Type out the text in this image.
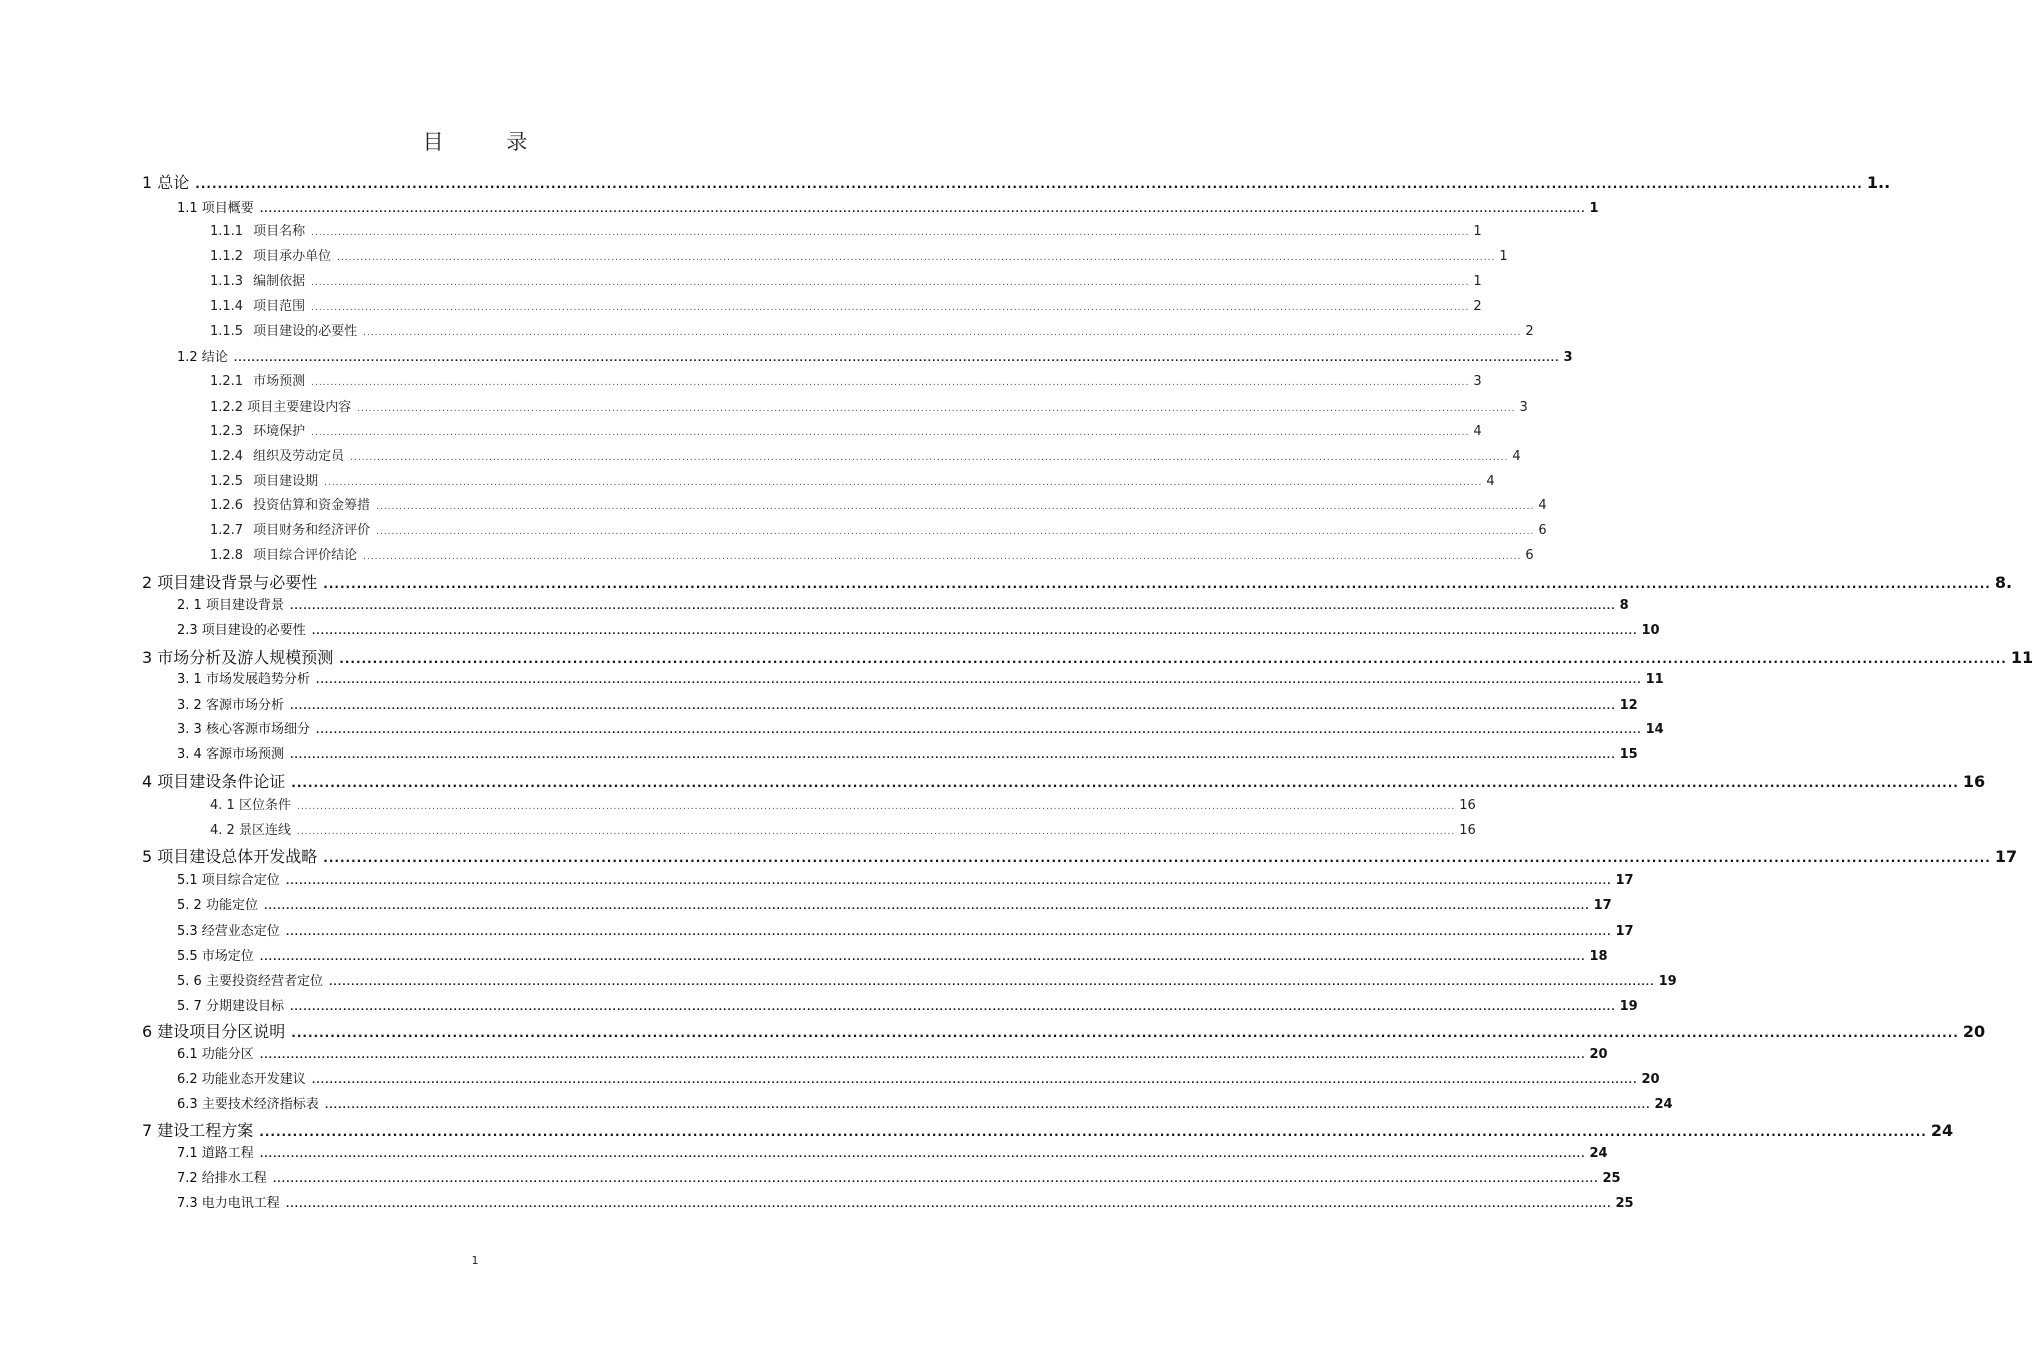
目 录
1 总论 ............................................................................................................................................................................................................................................................................................................ 1..
1.1 项目概要 ............................................................................................................................................................................................................................................................................................................ 1
1.1.1 项目名称 ............................................................................................................................................................................................................................................................................................................ 1
1.1.2 项目承办单位 ............................................................................................................................................................................................................................................................................................................ 1
1.1.3 编制依据 ............................................................................................................................................................................................................................................................................................................ 1
1.1.4 项目范围 ............................................................................................................................................................................................................................................................................................................ 2
1.1.5 项目建设的必要性 ............................................................................................................................................................................................................................................................................................................ 2
1.2 结论 ............................................................................................................................................................................................................................................................................................................ 3
1.2.1 市场预测 ............................................................................................................................................................................................................................................................................................................ 3
1.2.2 项目主要建设内容 ............................................................................................................................................................................................................................................................................................................ 3
1.2.3 环境保护 ............................................................................................................................................................................................................................................................................................................ 4
1.2.4 组织及劳动定员 ............................................................................................................................................................................................................................................................................................................ 4
1.2.5 项目建设期 ............................................................................................................................................................................................................................................................................................................ 4
1.2.6 投资估算和资金筹措 ............................................................................................................................................................................................................................................................................................................ 4
1.2.7 项目财务和经济评价 ............................................................................................................................................................................................................................................................................................................ 6
1.2.8 项目综合评价结论 ............................................................................................................................................................................................................................................................................................................ 6
2 项目建设背景与必要性 ............................................................................................................................................................................................................................................................................................................ 8.
2. 1 项目建设背景 ............................................................................................................................................................................................................................................................................................................ 8
2.3 项目建设的必要性 ............................................................................................................................................................................................................................................................................................................ 10
3 市场分析及游人规模预测 ............................................................................................................................................................................................................................................................................................................ 11
3. 1 市场发展趋势分析 ............................................................................................................................................................................................................................................................................................................ 11
3. 2 客源市场分析 ............................................................................................................................................................................................................................................................................................................ 12
3. 3 核心客源市场细分 ............................................................................................................................................................................................................................................................................................................ 14
3. 4 客源市场预测 ............................................................................................................................................................................................................................................................................................................ 15
4 项目建设条件论证 ............................................................................................................................................................................................................................................................................................................ 16
4. 1 区位条件 ............................................................................................................................................................................................................................................................................................................ 16
4. 2 景区连线 ............................................................................................................................................................................................................................................................................................................ 16
5 项目建设总体开发战略 ............................................................................................................................................................................................................................................................................................................ 17
5.1 项目综合定位 ............................................................................................................................................................................................................................................................................................................ 17
5. 2 功能定位 ............................................................................................................................................................................................................................................................................................................ 17
5.3 经营业态定位 ............................................................................................................................................................................................................................................................................................................ 17
5.5 市场定位 ............................................................................................................................................................................................................................................................................................................ 18
5. 6 主要投资经营者定位 ............................................................................................................................................................................................................................................................................................................ 19
5. 7 分期建设目标 ............................................................................................................................................................................................................................................................................................................ 19
6 建设项目分区说明 ............................................................................................................................................................................................................................................................................................................ 20
6.1 功能分区 ............................................................................................................................................................................................................................................................................................................ 20
6.2 功能业态开发建议 ............................................................................................................................................................................................................................................................................................................ 20
6.3 主要技术经济指标表 ............................................................................................................................................................................................................................................................................................................ 24
7 建设工程方案 ............................................................................................................................................................................................................................................................................................................ 24
7.1 道路工程 ............................................................................................................................................................................................................................................................................................................ 24
7.2 给排水工程 ............................................................................................................................................................................................................................................................................................................ 25
7.3 电力电讯工程 ............................................................................................................................................................................................................................................................................................................ 25
1
